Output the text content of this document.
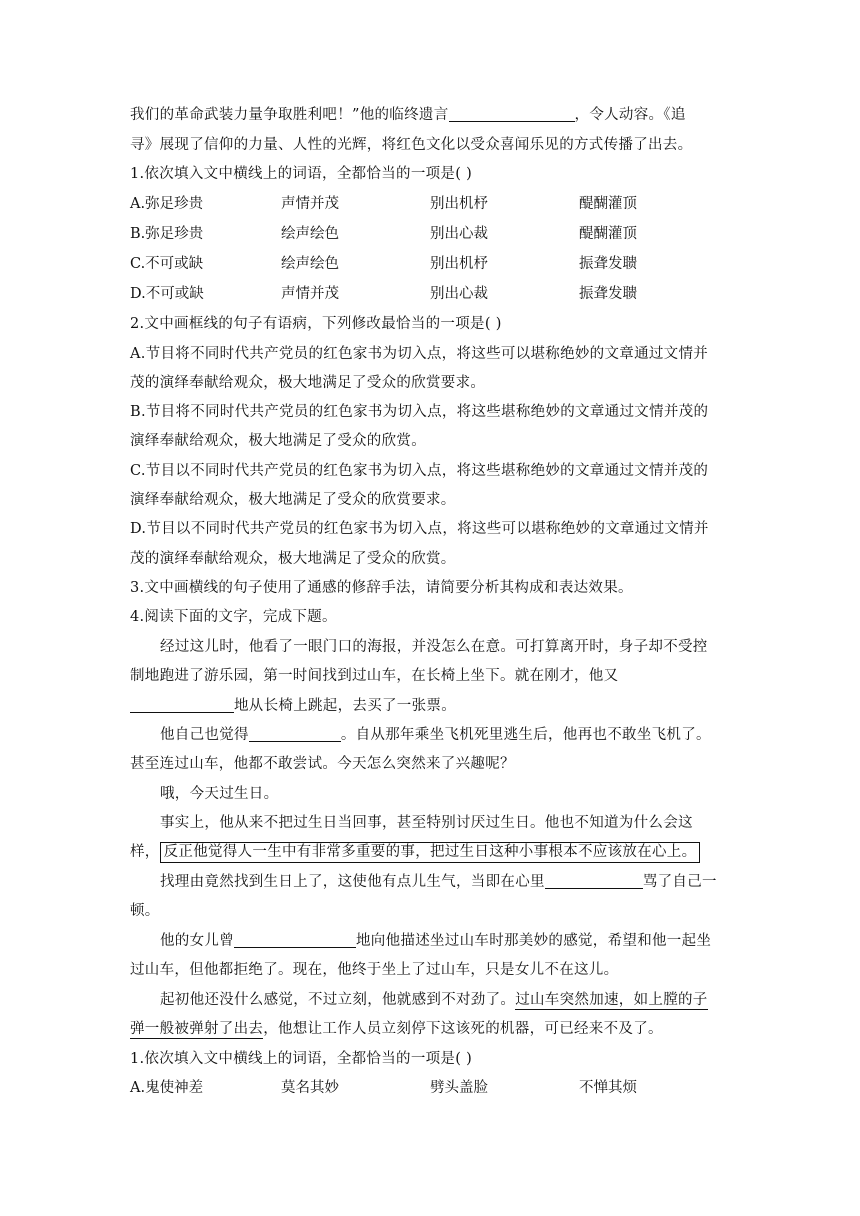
我们的革命武装力量争取胜利吧！”他的临终遗言	，令人动容。《追
寻》展现了信仰的力量、人性的光辉，将红色文化以受众喜闻乐见的方式传播了出去。
1.依次填入文中横线上的词语，全都恰当的一项是( )
A.弥足珍贵	声情并茂	别出机杼	醍醐灌顶
B.弥足珍贵	绘声绘色	别出心裁	醍醐灌顶
C.不可或缺	绘声绘色	别出机杼	振聋发聩
D.不可或缺	声情并茂	别出心裁	振聋发聩
2.文中画框线的句子有语病，下列修改最恰当的一项是( )
A.节目将不同时代共产党员的红色家书为切入点，将这些可以堪称绝妙的文章通过文情并
茂的演绎奉献给观众，极大地满足了受众的欣赏要求。
B.节目将不同时代共产党员的红色家书为切入点，将这些堪称绝妙的文章通过文情并茂的
演绎奉献给观众，极大地满足了受众的欣赏。
C.节目以不同时代共产党员的红色家书为切入点，将这些堪称绝妙的文章通过文情并茂的
演绎奉献给观众，极大地满足了受众的欣赏要求。
D.节目以不同时代共产党员的红色家书为切入点，将这些可以堪称绝妙的文章通过文情并
茂的演绎奉献给观众，极大地满足了受众的欣赏。
3.文中画横线的句子使用了通感的修辞手法，请简要分析其构成和表达效果。
4.阅读下面的文字，完成下题。
经过这儿时，他看了一眼门口的海报，并没怎么在意。可打算离开时，身子却不受控
制地跑进了游乐园，第一时间找到过山车，在长椅上坐下。就在刚才，他又
地从长椅上跳起，去买了一张票。
他自己也觉得	。自从那年乘坐飞机死里逃生后，他再也不敢坐飞机了。
甚至连过山车，他都不敢尝试。今天怎么突然来了兴趣呢？
哦，今天过生日。
事实上，他从来不把过生日当回事，甚至特别讨厌过生日。他也不知道为什么会这
样， 反正他觉得人一生中有非常多重要的事，把过生日这种小事根本不应该放在心上。
找理由竟然找到生日上了，这使他有点儿生气，当即在心里	骂了自己一
顿。
他的女儿曾	地向他描述坐过山车时那美妙的感觉，希望和他一起坐
过山车，但他都拒绝了。现在，他终于坐上了过山车，只是女儿不在这儿。
起初他还没什么感觉，不过立刻，他就感到不对劲了。过山车突然加速，如上膛的子
弹一般被弹射了出去，他想让工作人员立刻停下这该死的机器，可已经来不及了。
1.依次填入文中横线上的词语，全都恰当的一项是( )
A.鬼使神差	莫名其妙	劈头盖脸	不惮其烦
